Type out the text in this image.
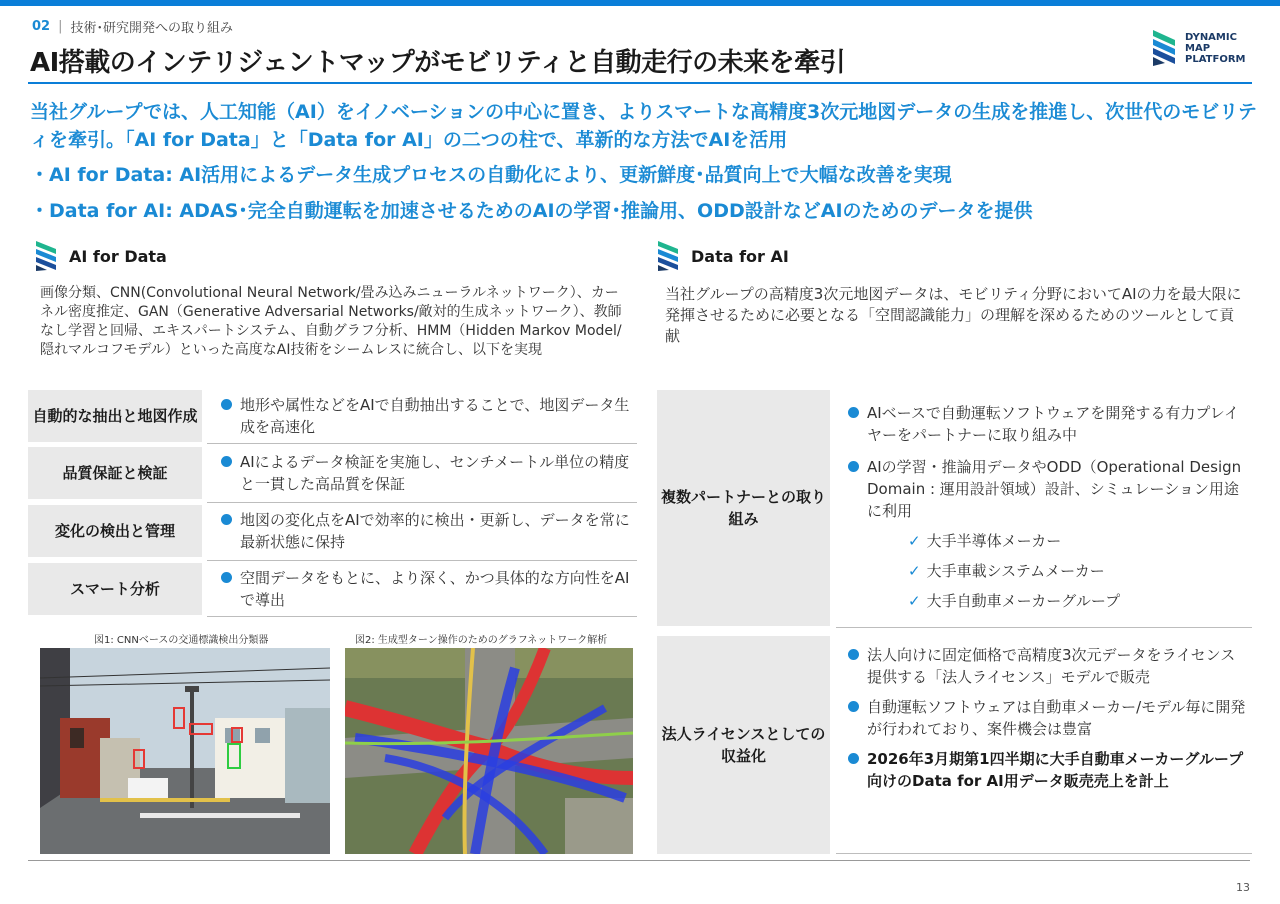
02 | 技術･研究開発への取り組み
AI搭載のインテリジェントマップがモビリティと自動走行の未来を牽引
DYNAMIC
MAP
PLATFORM
当社グループでは、人工知能（AI）をイノベーションの中心に置き、よりスマートな高精度3次元地図データの生成を推進し、次世代のモビリティを牽引。「AI for Data」と「Data for AI」の二つの柱で、革新的な方法でAIを活用
・AI for Data: AI活用によるデータ生成プロセスの自動化により、更新鮮度･品質向上で大幅な改善を実現
・Data for AI: ADAS･完全自動運転を加速させるためのAIの学習･推論用、ODD設計などAIのためのデータを提供
AI for Data
画像分類、CNN(Convolutional Neural Network/畳み込みニューラルネットワーク）、カーネル密度推定、GAN（Generative Adversarial Networks/敵対的生成ネットワーク）、教師なし学習と回帰、エキスパートシステム、自動グラフ分析、HMM（Hidden Markov Model/隠れマルコフモデル）といった高度なAI技術をシームレスに統合し、以下を実現
自動的な抽出と地図作成
地形や属性などをAIで自動抽出することで、地図データ生成を高速化
品質保証と検証
AIによるデータ検証を実施し、センチメートル単位の精度と一貫した高品質を保証
変化の検出と管理
地図の変化点をAIで効率的に検出・更新し、データを常に最新状態に保持
スマート分析
空間データをもとに、より深く、かつ具体的な方向性をAIで導出
図1: CNNベースの交通標識検出分類器	図2: 生成型ターン操作のためのグラフネットワーク解析
Data for AI
当社グループの高精度3次元地図データは、モビリティ分野においてAIの力を最大限に発揮させるために必要となる「空間認識能力」の理解を深めるためのツールとして貢献
複数パートナーとの取り組み
AIベースで自動運転ソフトウェアを開発する有力プレイヤーをパートナーに取り組み中
AIの学習・推論用データやODD（Operational Design Domain : 運用設計領域）設計、シミュレーション用途に利用
✓ 大手半導体メーカー
✓ 大手車載システムメーカー
✓ 大手自動車メーカーグループ
法人ライセンスとしての収益化
法人向けに固定価格で高精度3次元データをライセンス提供する「法人ライセンス」モデルで販売
自動運転ソフトウェアは自動車メーカー/モデル毎に開発が行われており、案件機会は豊富
2026年3月期第1四半期に大手自動車メーカーグループ向けのData for AI用データ販売売上を計上
13
